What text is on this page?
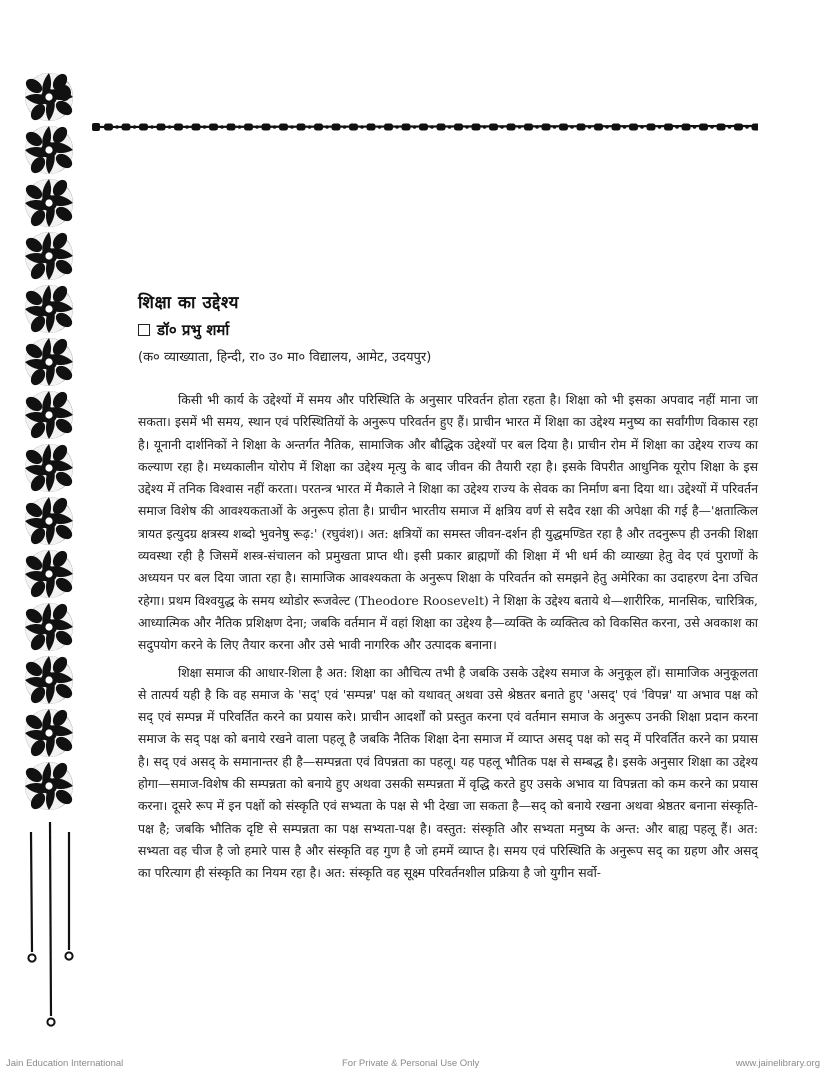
शिक्षा का उद्देश्य
डॉ० प्रभु शर्मा
(क० व्याख्याता, हिन्दी, रा० उ० मा० विद्यालय, आमेट, उदयपुर)

किसी भी कार्य के उद्देश्यों में समय और परिस्थिति के अनुसार परिवर्तन होता रहता है। शिक्षा को भी इसका अपवाद नहीं माना जा सकता। इसमें भी समय, स्थान एवं परिस्थितियों के अनुरूप परिवर्तन हुए हैं। प्राचीन भारत में शिक्षा का उद्देश्य मनुष्य का सर्वांगीण विकास रहा है। यूनानी दार्शनिकों ने शिक्षा के अन्तर्गत नैतिक, सामाजिक और बौद्धिक उद्देश्यों पर बल दिया है। प्राचीन रोम में शिक्षा का उद्देश्य राज्य का कल्याण रहा है। मध्यकालीन योरोप में शिक्षा का उद्देश्य मृत्यु के बाद जीवन की तैयारी रहा है। इसके विपरीत आधुनिक यूरोप शिक्षा के इस उद्देश्य में तनिक विश्वास नहीं करता। परतन्त्र भारत में मैकाले ने शिक्षा का उद्देश्य राज्य के सेवक का निर्माण बना दिया था। उद्देश्यों में परिवर्तन समाज विशेष की आवश्यकताओं के अनुरूप होता है। प्राचीन भारतीय समाज में क्षत्रिय वर्ण से सदैव रक्षा की अपेक्षा की गई है—'क्षतात्किल त्रायत इत्युदग्र क्षत्रस्य शब्दो भुवनेषु रूढ़:' (रघुवंश)। अत: क्षत्रियों का समस्त जीवन-दर्शन ही युद्धमण्डित रहा है और तदनुरूप ही उनकी शिक्षा व्यवस्था रही है जिसमें शस्त्र-संचालन को प्रमुखता प्राप्त थी। इसी प्रकार ब्राह्मणों की शिक्षा में भी धर्म की व्याख्या हेतु वेद एवं पुराणों के अध्ययन पर बल दिया जाता रहा है। सामाजिक आवश्यकता के अनुरूप शिक्षा के परिवर्तन को समझने हेतु अमेरिका का उदाहरण देना उचित रहेगा। प्रथम विश्वयुद्ध के समय थ्योडोर रूजवेल्ट (Theodore Roosevelt) ने शिक्षा के उद्देश्य बताये थे—शारीरिक, मानसिक, चारित्रिक, आध्यात्मिक और नैतिक प्रशिक्षण देना; जबकि वर्तमान में वहां शिक्षा का उद्देश्य है—व्यक्ति के व्यक्तित्व को विकसित करना, उसे अवकाश का सदुपयोग करने के लिए तैयार करना और उसे भावी नागरिक और उत्पादक बनाना।

शिक्षा समाज की आधार-शिला है अत: शिक्षा का औचित्य तभी है जबकि उसके उद्देश्य समाज के अनुकूल हों। सामाजिक अनुकूलता से तात्पर्य यही है कि वह समाज के 'सद्' एवं 'सम्पन्न' पक्ष को यथावत् अथवा उसे श्रेष्ठतर बनाते हुए 'असद्' एवं 'विपन्न' या अभाव पक्ष को सद् एवं सम्पन्न में परिवर्तित करने का प्रयास करे। प्राचीन आदर्शों को प्रस्तुत करना एवं वर्तमान समाज के अनुरूप उनकी शिक्षा प्रदान करना समाज के सद् पक्ष को बनाये रखने वाला पहलू है जबकि नैतिक शिक्षा देना समाज में व्याप्त असद् पक्ष को सद् में परिवर्तित करने का प्रयास है। सद् एवं असद् के समानान्तर ही है—सम्पन्नता एवं विपन्नता का पहलू। यह पहलू भौतिक पक्ष से सम्बद्ध है। इसके अनुसार शिक्षा का उद्देश्य होगा—समाज-विशेष की सम्पन्नता को बनाये हुए अथवा उसकी सम्पन्नता में वृद्धि करते हुए उसके अभाव या विपन्नता को कम करने का प्रयास करना। दूसरे रूप में इन पक्षों को संस्कृति एवं सभ्यता के पक्ष से भी देखा जा सकता है—सद् को बनाये रखना अथवा श्रेष्ठतर बनाना संस्कृति-पक्ष है; जबकि भौतिक दृष्टि से सम्पन्नता का पक्ष सभ्यता-पक्ष है। वस्तुत: संस्कृति और सभ्यता मनुष्य के अन्त: और बाह्य पहलू हैं। अत: सभ्यता वह चीज है जो हमारे पास है और संस्कृति वह गुण है जो हममें व्याप्त है। समय एवं परिस्थिति के अनुरूप सद् का ग्रहण और असद् का परित्याग ही संस्कृति का नियम रहा है। अत: संस्कृति वह सूक्ष्म परिवर्तनशील प्रक्रिया है जो युगीन सर्वो-

Jain Education International	For Private & Personal Use Only	www.jainelibrary.org
